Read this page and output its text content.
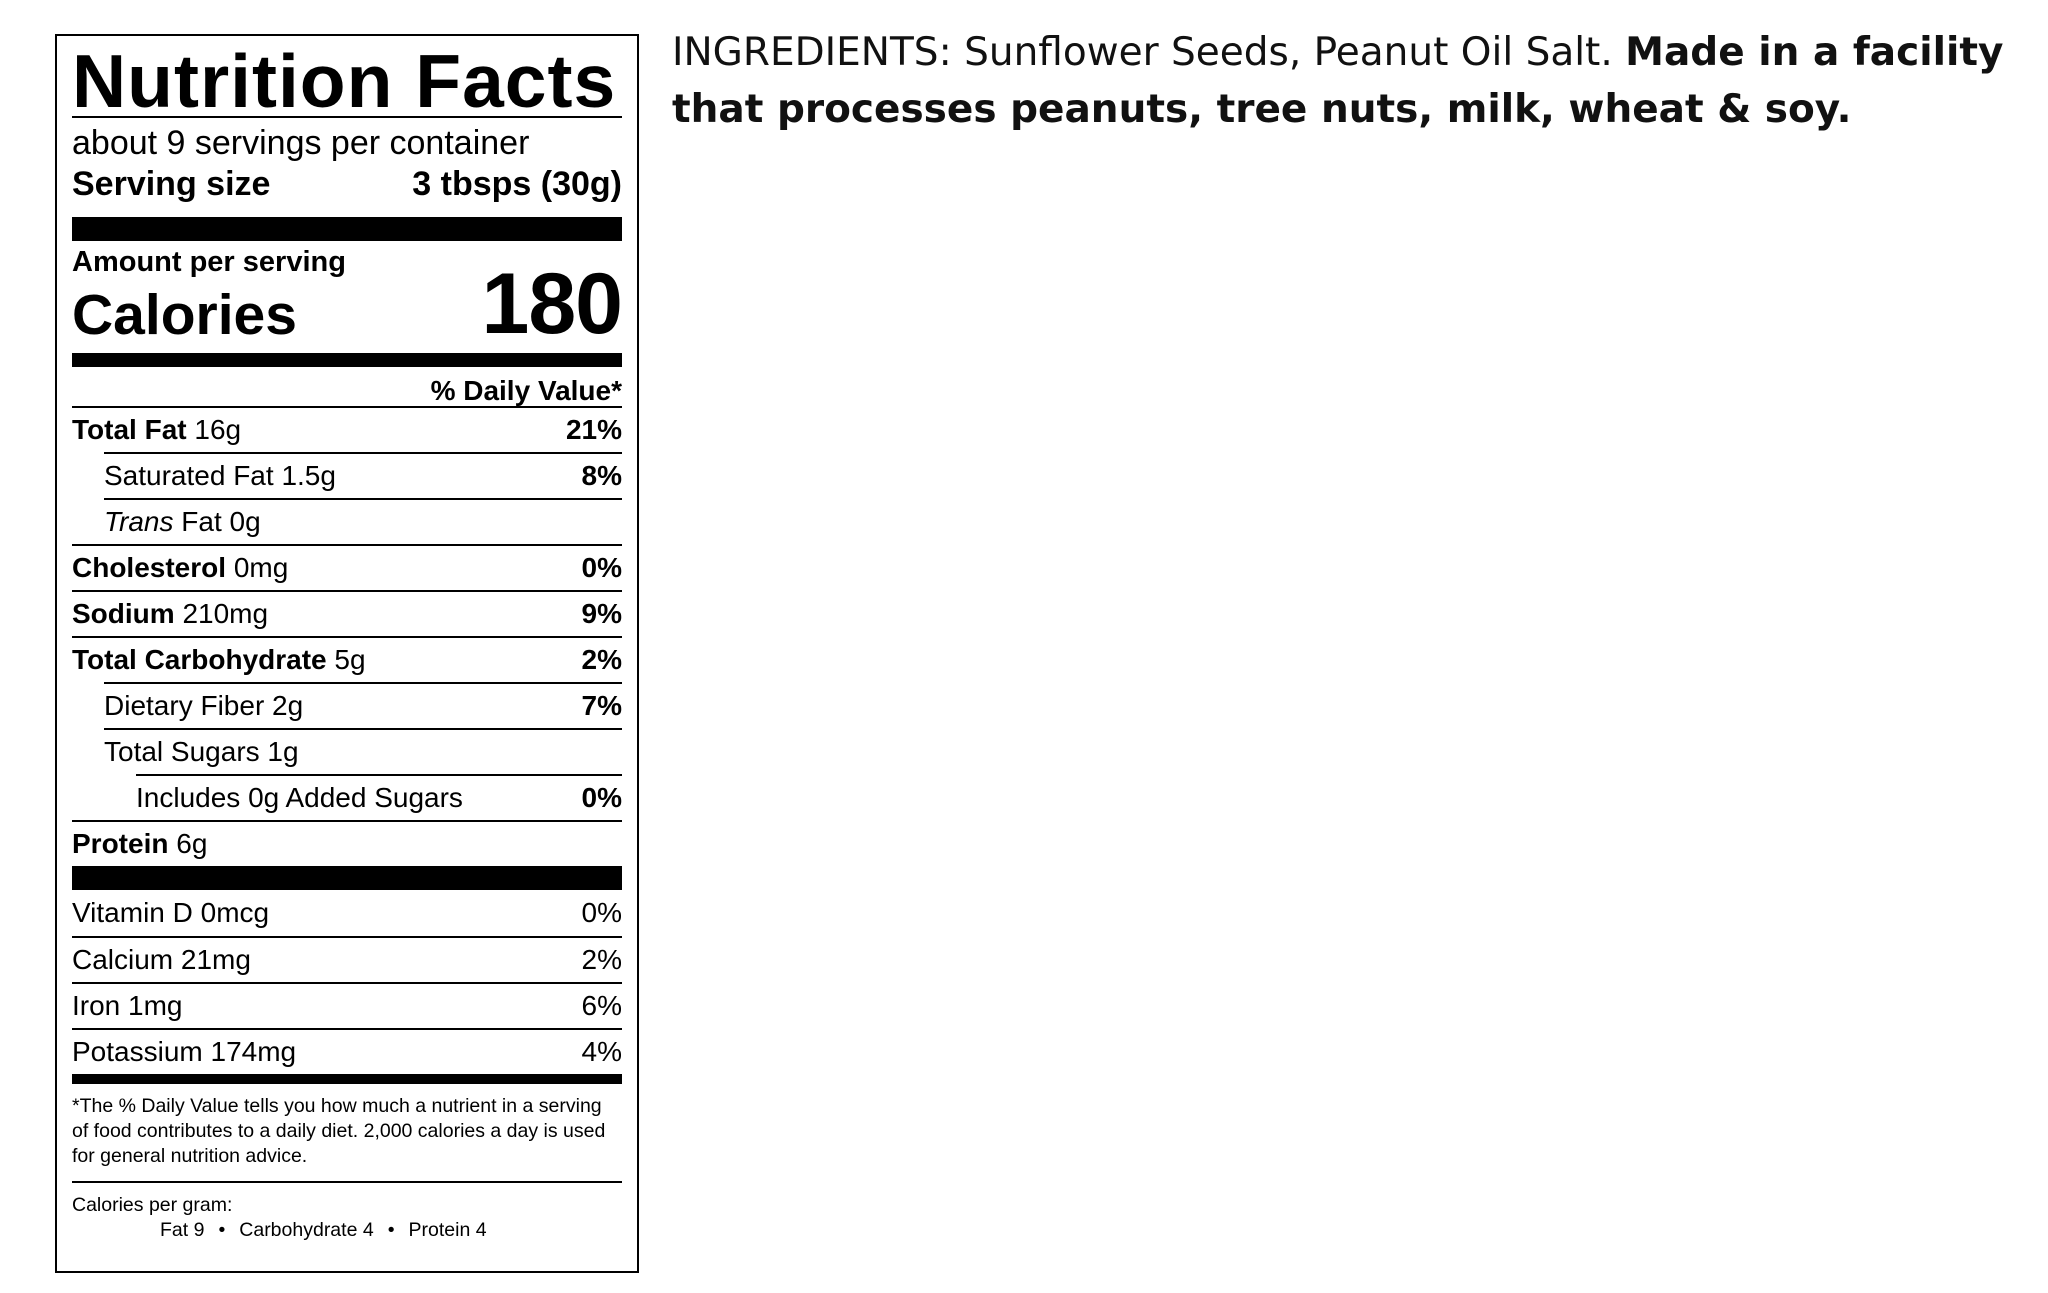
Nutrition Facts
about 9 servings per container
Serving size	3 tbsps (30g)
Amount per serving
Calories 180
% Daily Value*
Total Fat 16g	21%
Saturated Fat 1.5g	8%
Trans Fat 0g
Cholesterol 0mg	0%
Sodium 210mg	9%
Total Carbohydrate 5g	2%
Dietary Fiber 2g	7%
Total Sugars 1g
Includes 0g Added Sugars	0%
Protein 6g
Vitamin D 0mcg	0%
Calcium 21mg	2%
Iron 1mg	6%
Potassium 174mg	4%
*The % Daily Value tells you how much a nutrient in a serving of food contributes to a daily diet. 2,000 calories a day is used for general nutrition advice.
Calories per gram:
Fat 9 • Carbohydrate 4 • Protein 4
INGREDIENTS: Sunflower Seeds, Peanut Oil Salt. Made in a facility that processes peanuts, tree nuts, milk, wheat & soy.
